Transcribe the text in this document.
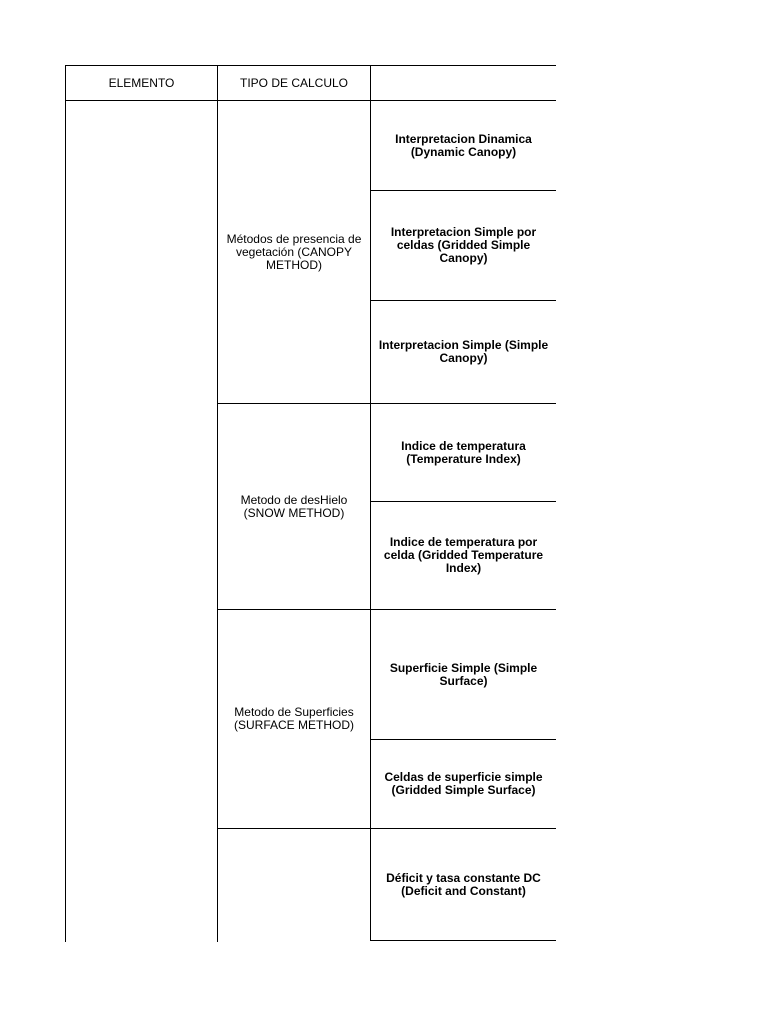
ELEMENTO	TIPO DE CALCULO
Métodos de presencia de vegetación (CANOPY METHOD)
Metodo de desHielo (SNOW METHOD)
Metodo de Superficies (SURFACE METHOD)
Interpretacion Dinamica (Dynamic Canopy)
Interpretacion Simple por celdas (Gridded Simple Canopy)
Interpretacion Simple (Simple Canopy)
Indice de temperatura (Temperature Index)
Indice de temperatura por celda (Gridded Temperature Index)
Superficie Simple (Simple Surface)
Celdas de superficie simple (Gridded Simple Surface)
Déficit y tasa constante DC (Deficit and Constant)
